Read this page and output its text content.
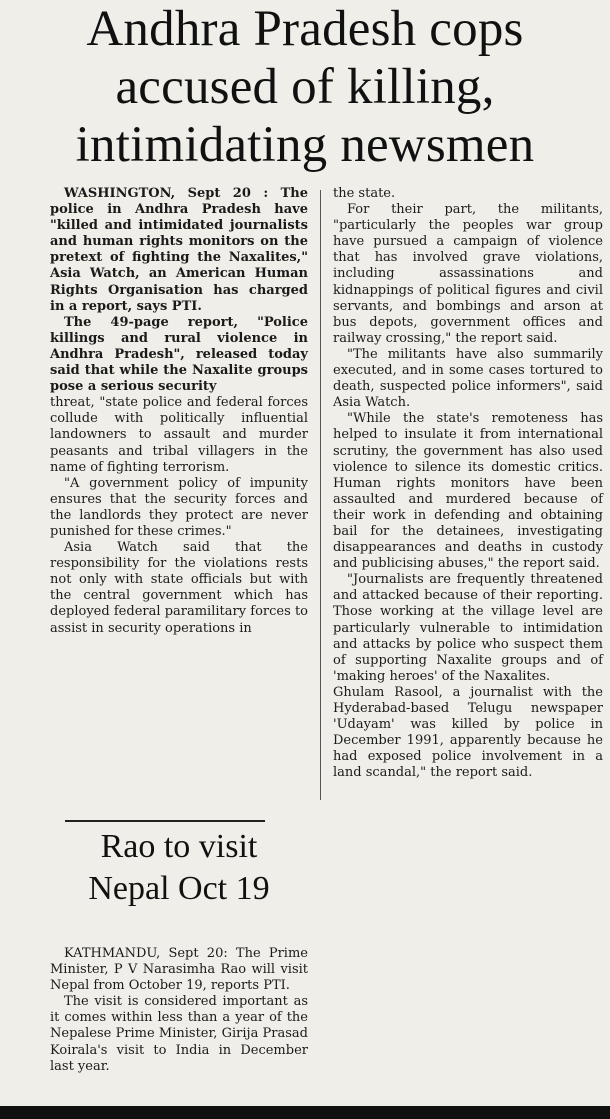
Andhra Pradesh cops
accused of killing,
intimidating newsmen

WASHINGTON, Sept 20 : The police in Andhra Pradesh have "killed and intimidated journalists and human rights monitors on the pretext of fighting the Naxalites," Asia Watch, an American Human Rights Organisation has charged in a report, says PTI.

The 49-page report, "Police killings and rural violence in Andhra Pradesh", released today said that while the Naxalite groups pose a serious security

threat, "state police and federal forces collude with politically influential landowners to assault and murder peasants and tribal villagers in the name of fighting terrorism.

"A government policy of impunity ensures that the security forces and the landlords they protect are never punished for these crimes."

Asia Watch said that the responsibility for the violations rests not only with state officials but with the central government which has deployed federal paramilitary forces to assist in security operations in

Rao to visit
Nepal Oct 19

KATHMANDU, Sept 20: The Prime Minister, P V Narasimha Rao will visit Nepal from October 19, reports PTI.

The visit is considered important as it comes within less than a year of the Nepalese Prime Minister, Girija Prasad Koirala's visit to India in December last year.

the state.

For their part, the militants, "particularly the peoples war group have pursued a campaign of violence that has involved grave violations, including assassinations and kidnappings of political figures and civil servants, and bombings and arson at bus depots, government offices and railway crossing," the report said.

"The militants have also summarily executed, and in some cases tortured to death, suspected police informers", said Asia Watch.

"While the state's remoteness has helped to insulate it from international scrutiny, the government has also used violence to silence its domestic critics. Human rights monitors have been assaulted and murdered because of their work in defending and obtaining bail for the detainees, investigating disappearances and deaths in custody and publicising abuses," the report said.

"Journalists are frequently threatened and attacked because of their reporting. Those working at the village level are particularly vulnerable to intimidation and attacks by police who suspect them of supporting Naxalite groups and of 'making heroes' of the Naxalites.

Ghulam Rasool, a journalist with the Hyderabad-based Telugu newspaper 'Udayam' was killed by police in December 1991, apparently because he had exposed police involvement in a land scandal," the report said.
